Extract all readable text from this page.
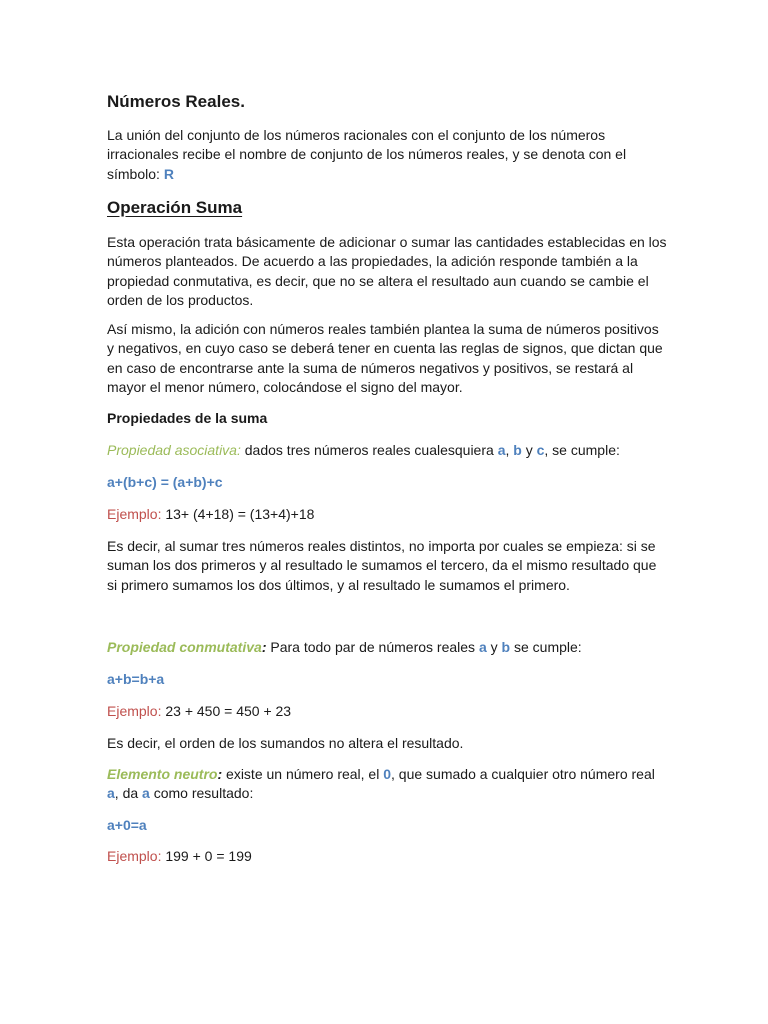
Números Reales.

La unión del conjunto de los números racionales con el conjunto de los números irracionales recibe el nombre de conjunto de los números reales, y se denota con el símbolo: R

Operación Suma

Esta operación trata básicamente de adicionar o sumar las cantidades establecidas en los números planteados. De acuerdo a las propiedades, la adición responde también a la propiedad conmutativa, es decir, que no se altera el resultado aun cuando se cambie el orden de los productos.

Así mismo, la adición con números reales también plantea la suma de números positivos y negativos, en cuyo caso se deberá tener en cuenta las reglas de signos, que dictan que en caso de encontrarse ante la suma de números negativos y positivos, se restará al mayor el menor número, colocándose el signo del mayor.

Propiedades de la suma

Propiedad asociativa: dados tres números reales cualesquiera a, b y c, se cumple:

a+(b+c) = (a+b)+c

Ejemplo: 13+ (4+18) = (13+4)+18

Es decir, al sumar tres números reales distintos, no importa por cuales se empieza: si se suman los dos primeros y al resultado le sumamos el tercero, da el mismo resultado que si primero sumamos los dos últimos, y al resultado le sumamos el primero.

Propiedad conmutativa: Para todo par de números reales a y b se cumple:

a+b=b+a

Ejemplo: 23 + 450 = 450 + 23

Es decir, el orden de los sumandos no altera el resultado.

Elemento neutro: existe un número real, el 0, que sumado a cualquier otro número real a, da a como resultado:

a+0=a

Ejemplo: 199 + 0 = 199
